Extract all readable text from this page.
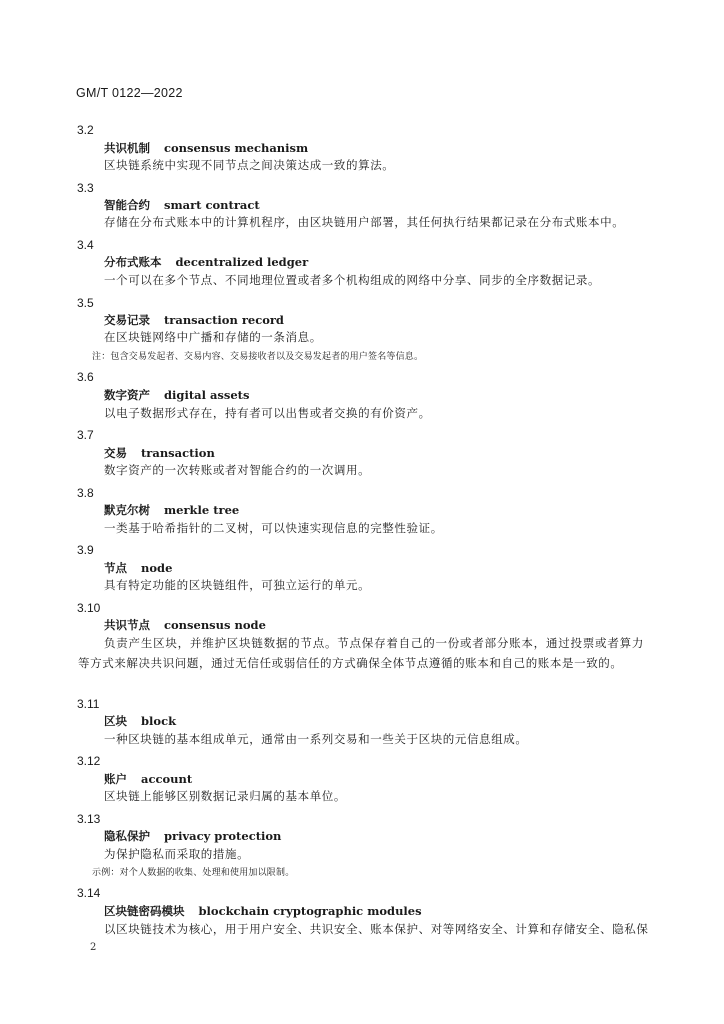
GM/T 0122—2022
3.2
共识机制 consensus mechanism
区块链系统中实现不同节点之间决策达成一致的算法。
3.3
智能合约 smart contract
存储在分布式账本中的计算机程序，由区块链用户部署，其任何执行结果都记录在分布式账本中。
3.4
分布式账本 decentralized ledger
一个可以在多个节点、不同地理位置或者多个机构组成的网络中分享、同步的全序数据记录。
3.5
交易记录 transaction record
在区块链网络中广播和存储的一条消息。
注：包含交易发起者、交易内容、交易接收者以及交易发起者的用户签名等信息。
3.6
数字资产 digital assets
以电子数据形式存在，持有者可以出售或者交换的有价资产。
3.7
交易 transaction
数字资产的一次转账或者对智能合约的一次调用。
3.8
默克尔树 merkle tree
一类基于哈希指针的二叉树，可以快速实现信息的完整性验证。
3.9
节点 node
具有特定功能的区块链组件，可独立运行的单元。
3.10
共识节点 consensus node
负责产生区块，并维护区块链数据的节点。节点保存着自己的一份或者部分账本，通过投票或者算力等方式来解决共识问题，通过无信任或弱信任的方式确保全体节点遵循的账本和自己的账本是一致的。
3.11
区块 block
一种区块链的基本组成单元，通常由一系列交易和一些关于区块的元信息组成。
3.12
账户 account
区块链上能够区别数据记录归属的基本单位。
3.13
隐私保护 privacy protection
为保护隐私而采取的措施。
示例：对个人数据的收集、处理和使用加以限制。
3.14
区块链密码模块 blockchain cryptographic modules
以区块链技术为核心，用于用户安全、共识安全、账本保护、对等网络安全、计算和存储安全、隐私保
2
